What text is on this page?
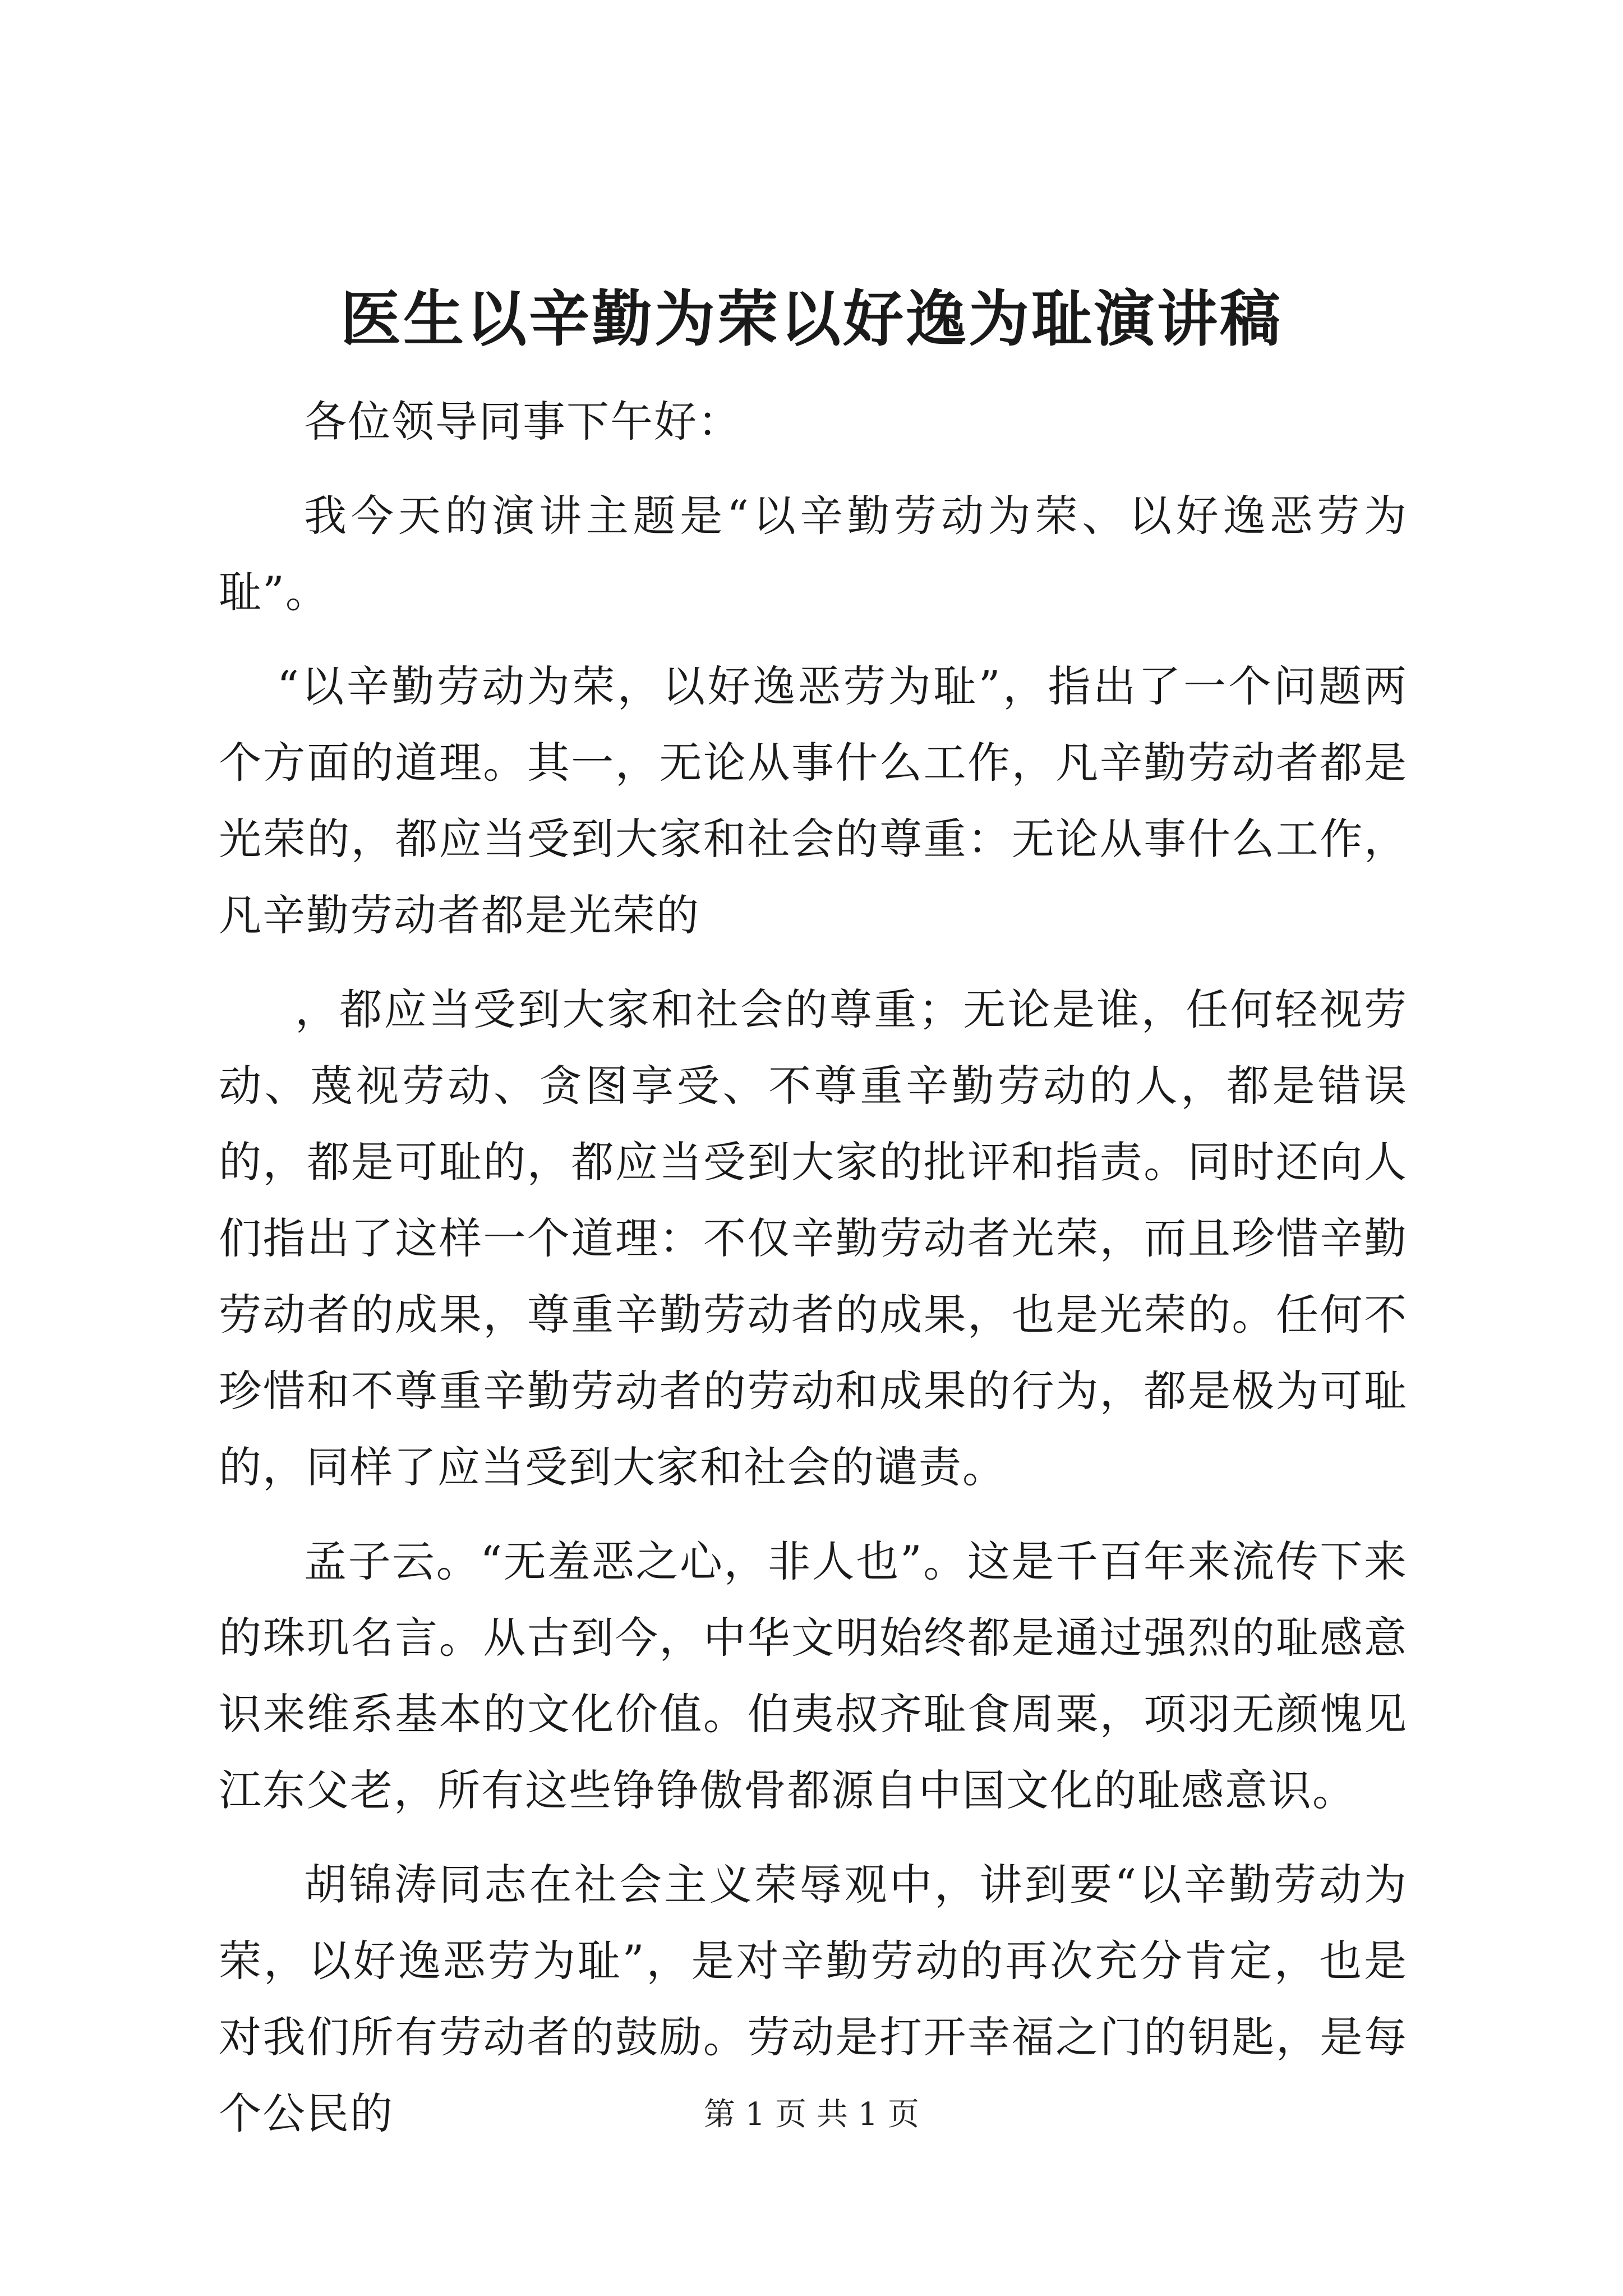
医生以辛勤为荣以好逸为耻演讲稿

各位领导同事下午好：

我今天的演讲主题是“以辛勤劳动为荣、以好逸恶劳为耻”。

“以辛勤劳动为荣，以好逸恶劳为耻”，指出了一个问题两个方面的道理。其一，无论从事什么工作，凡辛勤劳动者都是光荣的，都应当受到大家和社会的尊重：无论从事什么工作，凡辛勤劳动者都是光荣的

，都应当受到大家和社会的尊重；无论是谁，任何轻视劳动、蔑视劳动、贪图享受、不尊重辛勤劳动的人，都是错误的，都是可耻的，都应当受到大家的批评和指责。同时还向人们指出了这样一个道理：不仅辛勤劳动者光荣，而且珍惜辛勤劳动者的成果，尊重辛勤劳动者的成果，也是光荣的。任何不珍惜和不尊重辛勤劳动者的劳动和成果的行为，都是极为可耻的，同样了应当受到大家和社会的谴责。

孟子云。“无羞恶之心，非人也”。这是千百年来流传下来的珠玑名言。从古到今，中华文明始终都是通过强烈的耻感意识来维系基本的文化价值。伯夷叔齐耻食周粟，项羽无颜愧见江东父老，所有这些铮铮傲骨都源自中国文化的耻感意识。

胡锦涛同志在社会主义荣辱观中，讲到要“以辛勤劳动为荣，以好逸恶劳为耻”，是对辛勤劳动的再次充分肯定，也是对我们所有劳动者的鼓励。劳动是打开幸福之门的钥匙，是每个公民的	第 1 页 共 1 页
